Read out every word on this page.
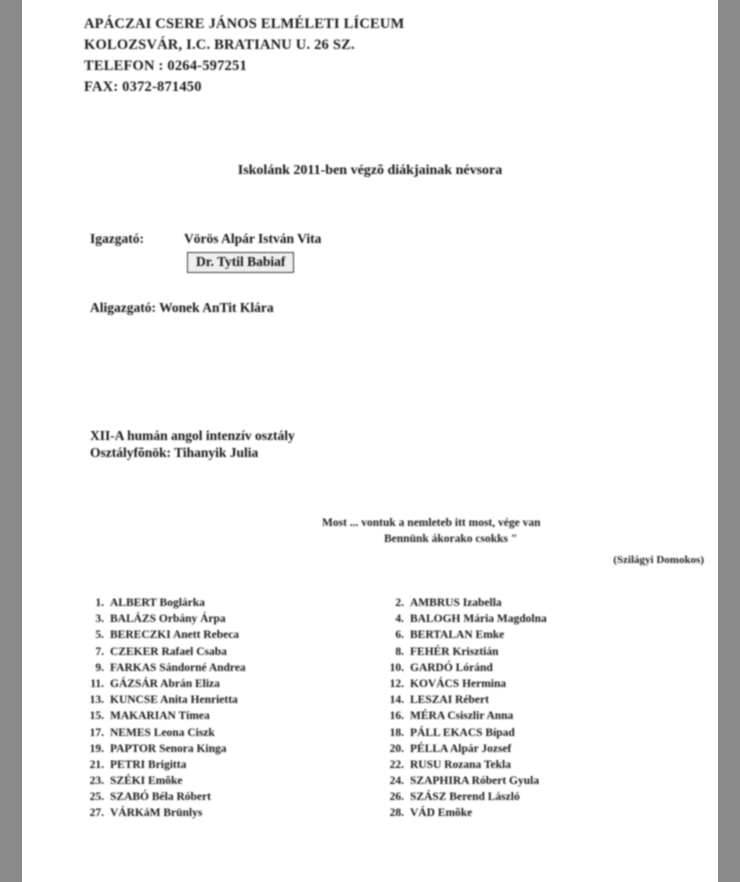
APÁCZAI CSERE JÁNOS ELMÉLETI LÍCEUM
KOLOZSVÁR, I.C. BRATIANU U. 26 SZ.
TELEFON : 0264-597251
FAX: 0372-871450
Iskolánk 2011-ben végzõ diákjainak névsora
Igazgató:	Vörös Alpár István Vita
Dr. Tytil Babiaf
Aligazgató: Wonek AnTit Klára
XII-A humán angol intenzív osztály
Osztályfõnök: Tihanyik Julia
Most ... vontuk a nemleteb itt most, vége van
Bennünk ákorako csokks "
(Szilágyi Domokos)
1. ALBERT Boglárka
3. BALÁZS Orbány Árpa
5. BERECZKI Anett Rebeca
7. CZEKER Rafael Csaba
9. FARKAS Sándorné Andrea
11. GÁZSÁR Abrán Eliza
13. KUNCSE Anita Henrietta
15. MAKARIAN Tímea
17. NEMES Leona Ciszk
19. PAPTOR Senora Kinga
21. PETRI Brigitta
23. SZÉKI Emõke
25. SZABÓ Béla Róbert
27. VÁRKáM Brünlys
2. AMBRUS Izabella
4. BALOGH Mária Magdolna
6. BERTALAN Emke
8. FEHÉR Krisztián
10. GARDÓ Lóránd
12. KOVÁCS Hermina
14. LESZAI Rébert
16. MÉRA Csiszlir Anna
18. PÁLL EKACS Bípad
20. PÉLLA Alpár Jozsef
22. RUSU Rozana Tekla
24. SZAPHIRA Róbert Gyula
26. SZÁSZ Berend László
28. VÁD Emõke
